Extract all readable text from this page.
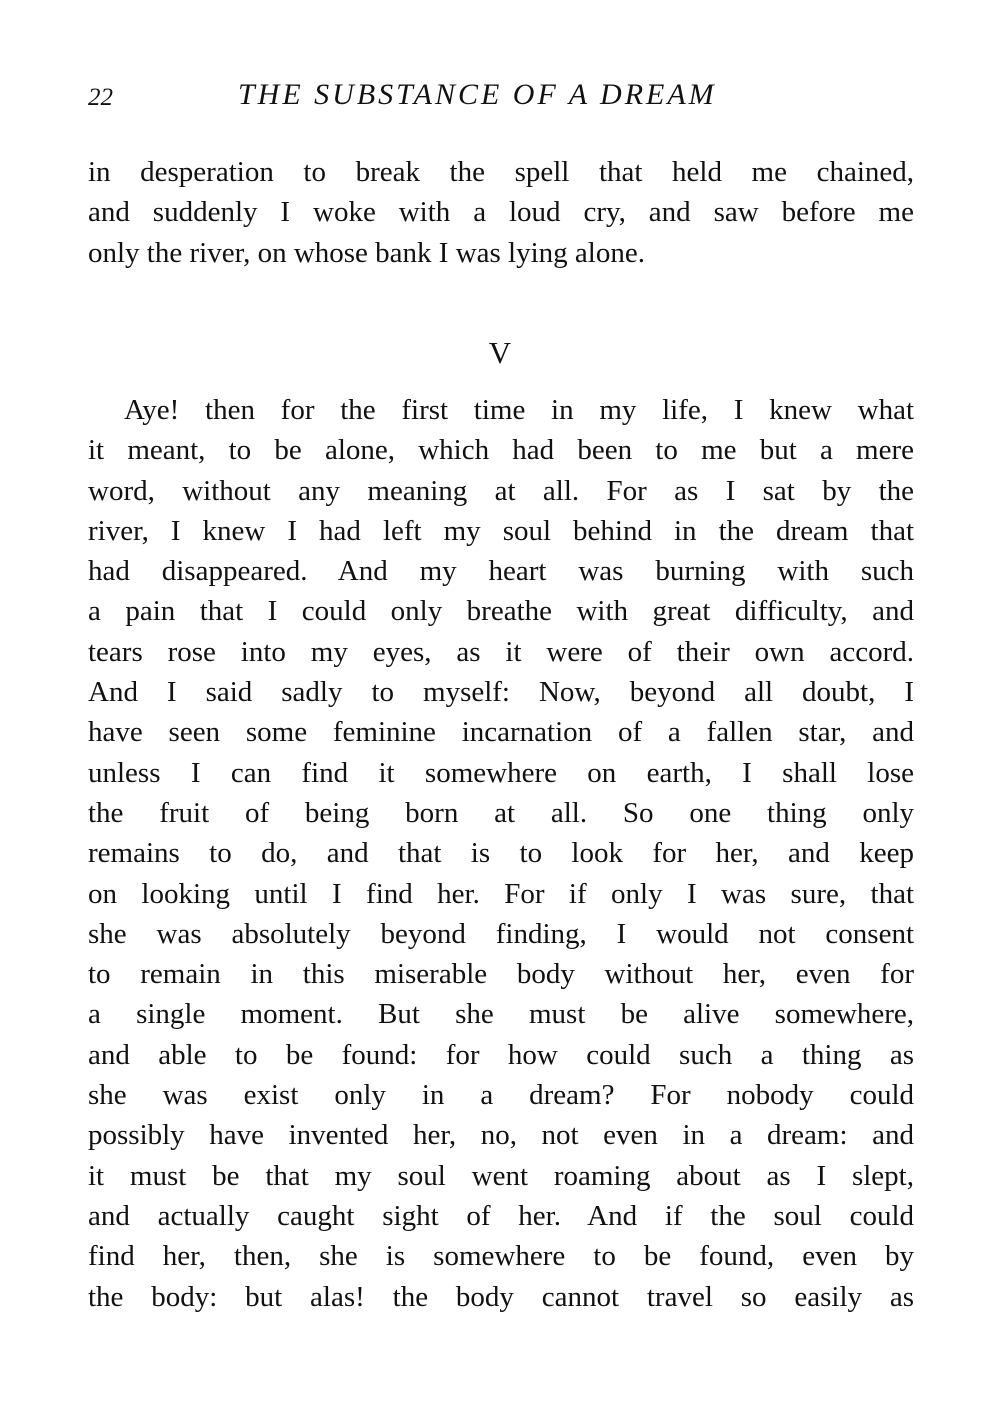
22	THE SUBSTANCE OF A DREAM
in desperation to break the spell that held me chained,
and suddenly I woke with a loud cry, and saw before me
only the river, on whose bank I was lying alone.
V
Aye! then for the first time in my life, I knew what
it meant, to be alone, which had been to me but a mere
word, without any meaning at all. For as I sat by the
river, I knew I had left my soul behind in the dream that
had disappeared. And my heart was burning with such
a pain that I could only breathe with great difficulty, and
tears rose into my eyes, as it were of their own accord.
And I said sadly to myself: Now, beyond all doubt, I
have seen some feminine incarnation of a fallen star, and
unless I can find it somewhere on earth, I shall lose
the fruit of being born at all. So one thing only
remains to do, and that is to look for her, and keep
on looking until I find her. For if only I was sure, that
she was absolutely beyond finding, I would not consent
to remain in this miserable body without her, even for
a single moment. But she must be alive somewhere,
and able to be found: for how could such a thing as
she was exist only in a dream? For nobody could
possibly have invented her, no, not even in a dream: and
it must be that my soul went roaming about as I slept,
and actually caught sight of her. And if the soul could
find her, then, she is somewhere to be found, even by
the body: but alas! the body cannot travel so easily as
